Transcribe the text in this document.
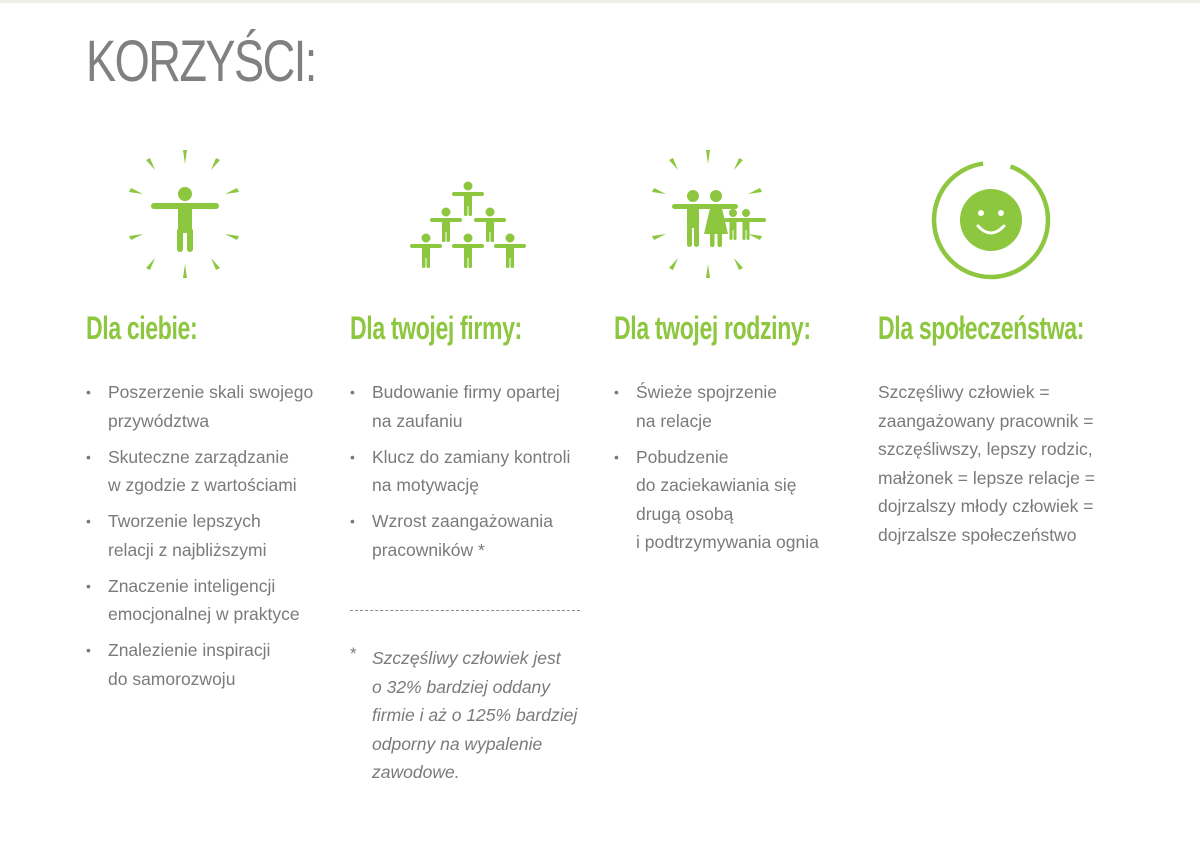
KORZYŚCI:
Dla ciebie:
• Poszerzenie skali swojego
przywództwa
• Skuteczne zarządzanie
w zgodzie z wartościami
• Tworzenie lepszych
relacji z najbliższymi
• Znaczenie inteligencji
emocjonalnej w praktyce
• Znalezienie inspiracji
do samorozwoju
Dla twojej firmy:
• Budowanie firmy opartej
na zaufaniu
• Klucz do zamiany kontroli
na motywację
• Wzrost zaangażowania
pracowników *
* Szczęśliwy człowiek jest
o 32% bardziej oddany
firmie i aż o 125% bardziej
odporny na wypalenie
zawodowe.
Dla twojej rodziny:
• Świeże spojrzenie
na relacje
• Pobudzenie
do zaciekawiania się
drugą osobą
i podtrzymywania ognia
Dla społeczeństwa:
Szczęśliwy człowiek =
zaangażowany pracownik =
szczęśliwszy, lepszy rodzic,
małżonek = lepsze relacje =
dojrzalszy młody człowiek =
dojrzalsze społeczeństwo
